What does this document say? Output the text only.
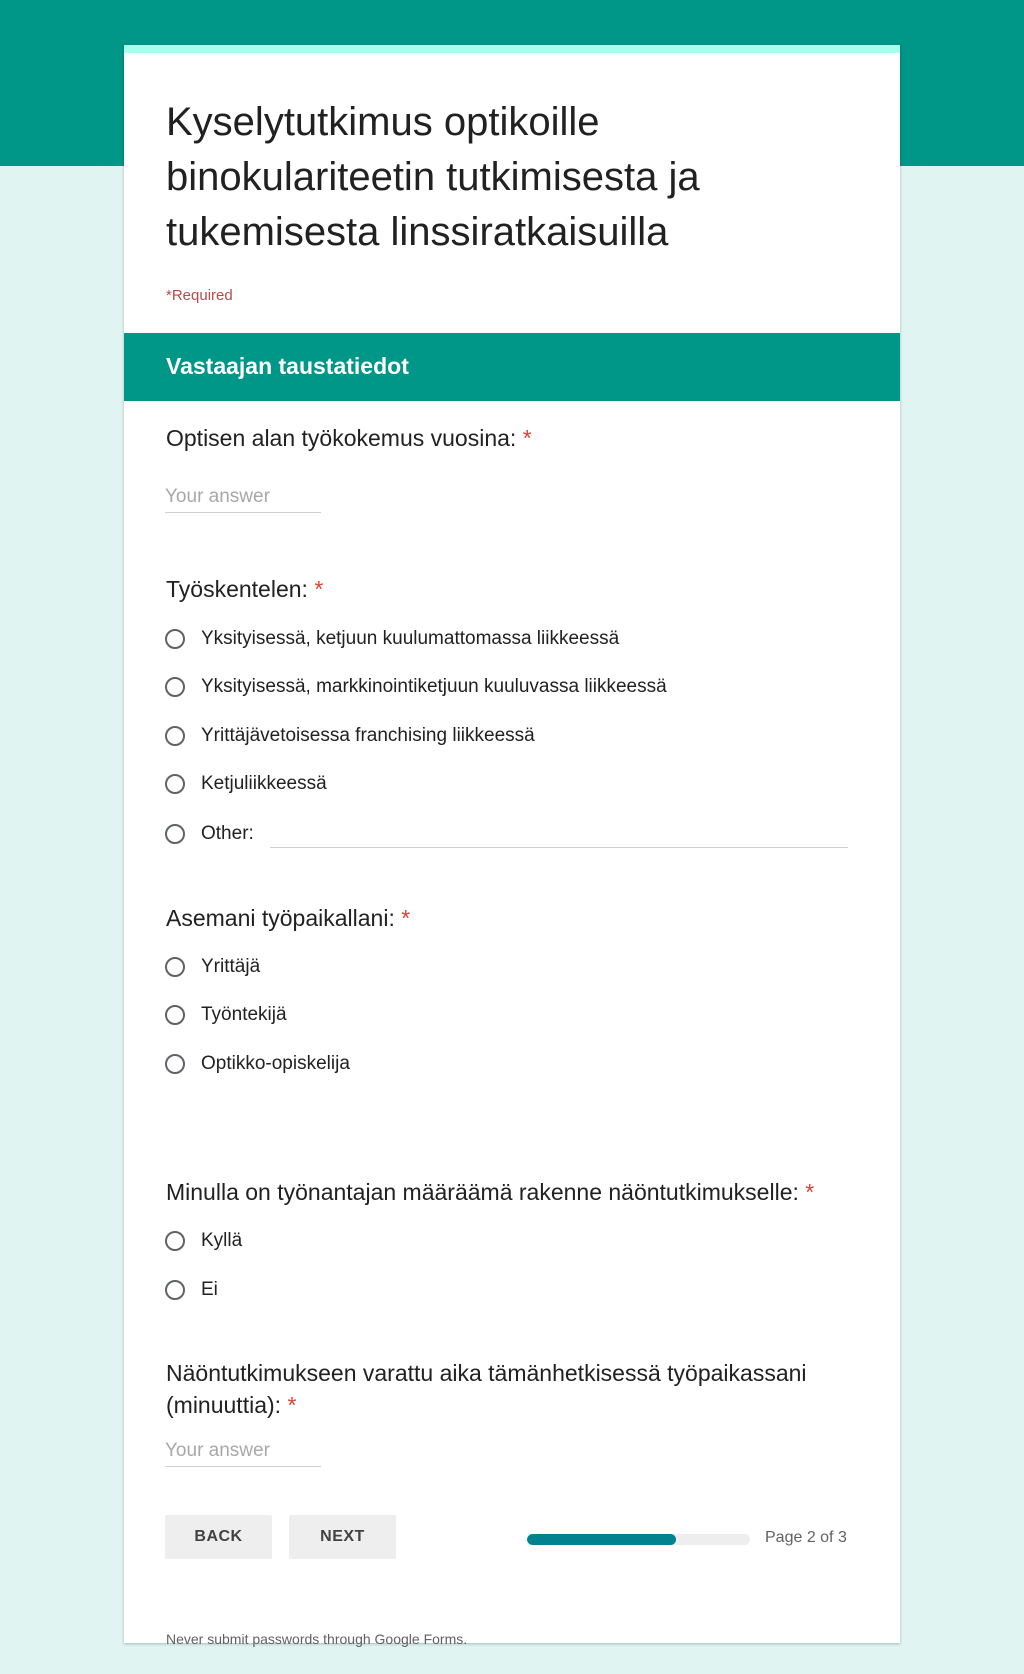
Kyselytutkimus optikoille binokulariteetin tutkimisesta ja tukemisesta linssiratkaisuilla
*Required
Vastaajan taustatiedot
Optisen alan työkokemus vuosina: *
Your answer
Työskentelen: *
Yksityisessä, ketjuun kuulumattomassa liikkeessä
Yksityisessä, markkinointiketjuun kuuluvassa liikkeessä
Yrittäjävetoisessa franchising liikkeessä
Ketjuliikkeessä
Other:
Asemani työpaikallani: *
Yrittäjä
Työntekijä
Optikko-opiskelija
Minulla on työnantajan määräämä rakenne näöntutkimukselle: *
Kyllä
Ei
Näöntutkimukseen varattu aika tämänhetkisessä työpaikassani (minuuttia): *
Your answer
BACK	NEXT	Page 2 of 3
Never submit passwords through Google Forms.
